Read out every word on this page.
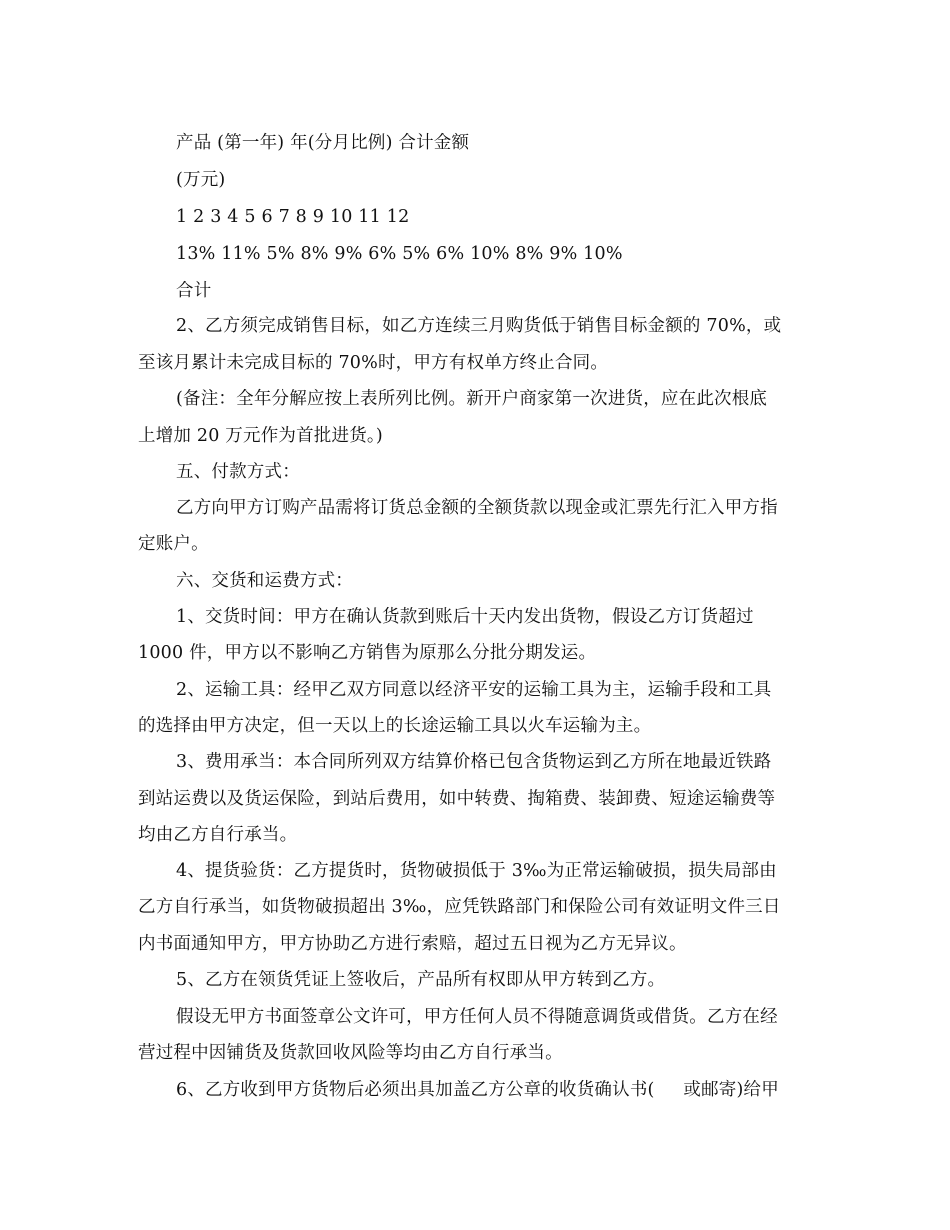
产品 (第一年) 年(分月比例) 合计金额
(万元)
1 2 3 4 5 6 7 8 9 10 11 12
13% 11% 5% 8% 9% 6% 5% 6% 10% 8% 9% 10%
合计
2、乙方须完成销售目标，如乙方连续三月购货低于销售目标金额的 70%，或
至该月累计未完成目标的 70%时，甲方有权单方终止合同。
(备注：全年分解应按上表所列比例。新开户商家第一次进货，应在此次根底
上增加 20 万元作为首批进货。)
五、付款方式：
乙方向甲方订购产品需将订货总金额的全额货款以现金或汇票先行汇入甲方指
定账户。
六、交货和运费方式：
1、交货时间：甲方在确认货款到账后十天内发出货物，假设乙方订货超过
1000 件，甲方以不影响乙方销售为原那么分批分期发运。
2、运输工具：经甲乙双方同意以经济平安的运输工具为主，运输手段和工具
的选择由甲方决定，但一天以上的长途运输工具以火车运输为主。
3、费用承当：本合同所列双方结算价格已包含货物运到乙方所在地最近铁路
到站运费以及货运保险，到站后费用，如中转费、掏箱费、装卸费、短途运输费等
均由乙方自行承当。
4、提货验货：乙方提货时，货物破损低于 3‰为正常运输破损，损失局部由
乙方自行承当，如货物破损超出 3‰，应凭铁路部门和保险公司有效证明文件三日
内书面通知甲方，甲方协助乙方进行索赔，超过五日视为乙方无异议。
5、乙方在领货凭证上签收后，产品所有权即从甲方转到乙方。
假设无甲方书面签章公文许可，甲方任何人员不得随意调货或借货。乙方在经
营过程中因铺货及货款回收风险等均由乙方自行承当。
6、乙方收到甲方货物后必须出具加盖乙方公章的收货确认书(     或邮寄)给甲
